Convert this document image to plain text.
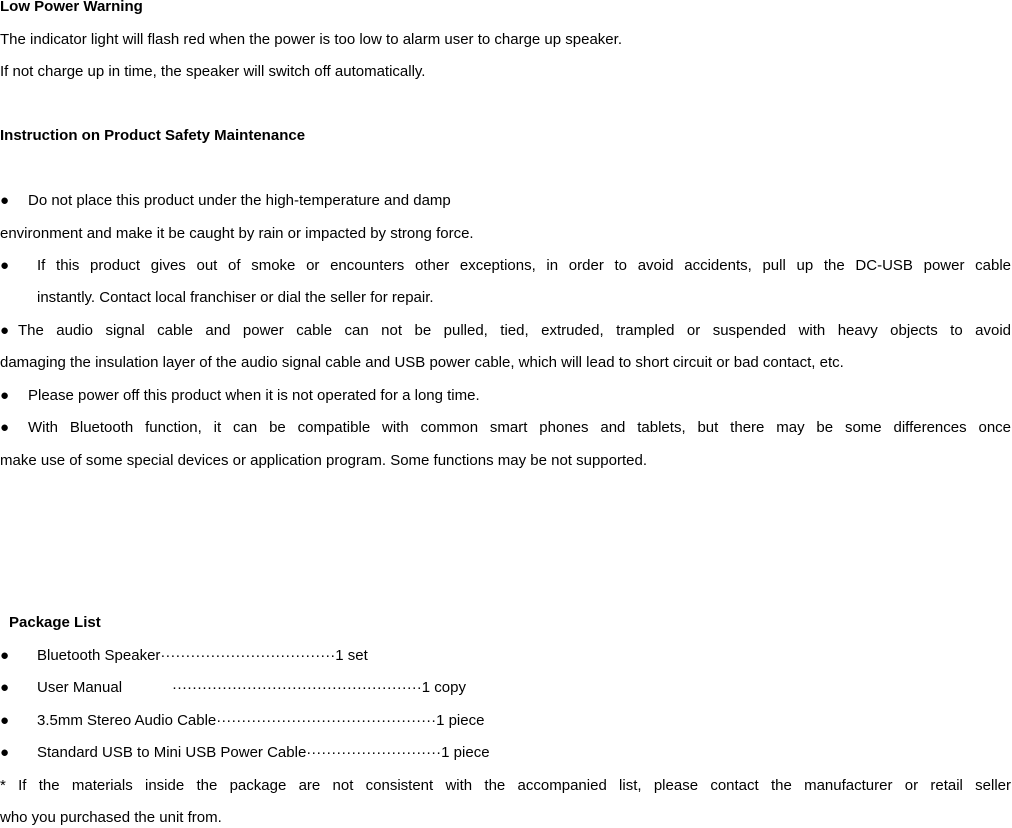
Low Power Warning
The indicator light will flash red when the power is too low to alarm user to charge up speaker.
If not charge up in time, the speaker will switch off automatically.
Instruction on Product Safety Maintenance
● Do not place this product under the high-temperature and damp
environment and make it be caught by rain or impacted by strong force.
● If this product gives out of smoke or encounters other exceptions, in order to avoid accidents, pull up the DC-USB power cable
instantly. Contact local franchiser or dial the seller for repair.
● The audio signal cable and power cable can not be pulled, tied, extruded, trampled or suspended with heavy objects to avoid
damaging the insulation layer of the audio signal cable and USB power cable, which will lead to short circuit or bad contact, etc.
● Please power off this product when it is not operated for a long time.
● With Bluetooth function, it can be compatible with common smart phones and tablets, but there may be some differences once
make use of some special devices or application program. Some functions may be not supported.
Package List
● Bluetooth Speaker···································1 set
● User Manual	··················································1 copy
● 3.5mm Stereo Audio Cable············································1 piece
● Standard USB to Mini USB Power Cable···························1 piece
* If the materials inside the package are not consistent with the accompanied list, please contact the manufacturer or retail seller
who you purchased the unit from.
